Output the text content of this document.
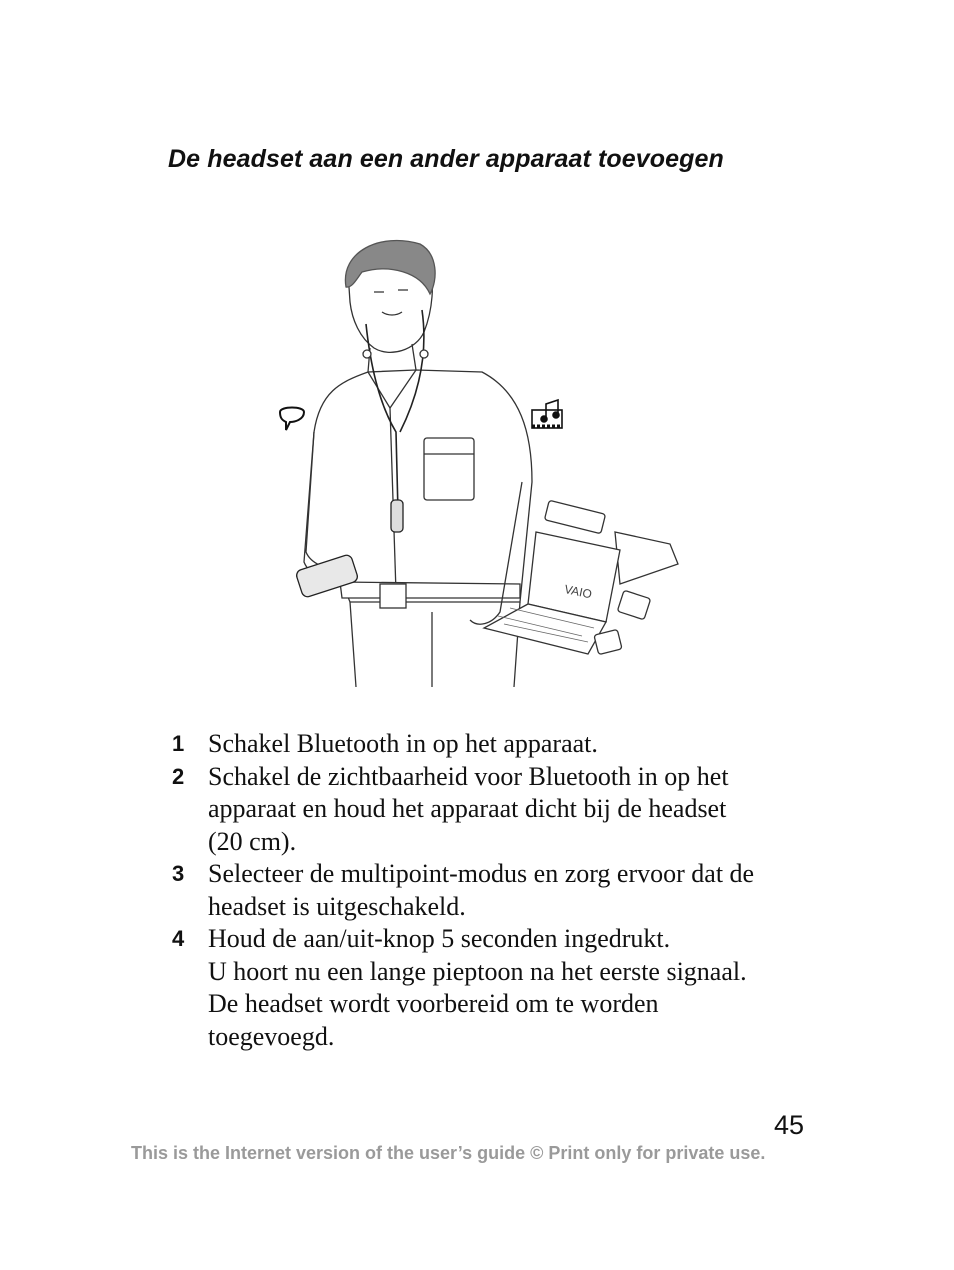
De headset aan een ander apparaat toevoegen
VAIO
1 Schakel Bluetooth in op het apparaat.
2 Schakel de zichtbaarheid voor Bluetooth in op het
apparaat en houd het apparaat dicht bij de headset
(20 cm).
3 Selecteer de multipoint-modus en zorg ervoor dat de
headset is uitgeschakeld.
4 Houd de aan/uit-knop 5 seconden ingedrukt.
U hoort nu een lange pieptoon na het eerste signaal.
De headset wordt voorbereid om te worden
toegevoegd.
45
This is the Internet version of the user’s guide © Print only for private use.
